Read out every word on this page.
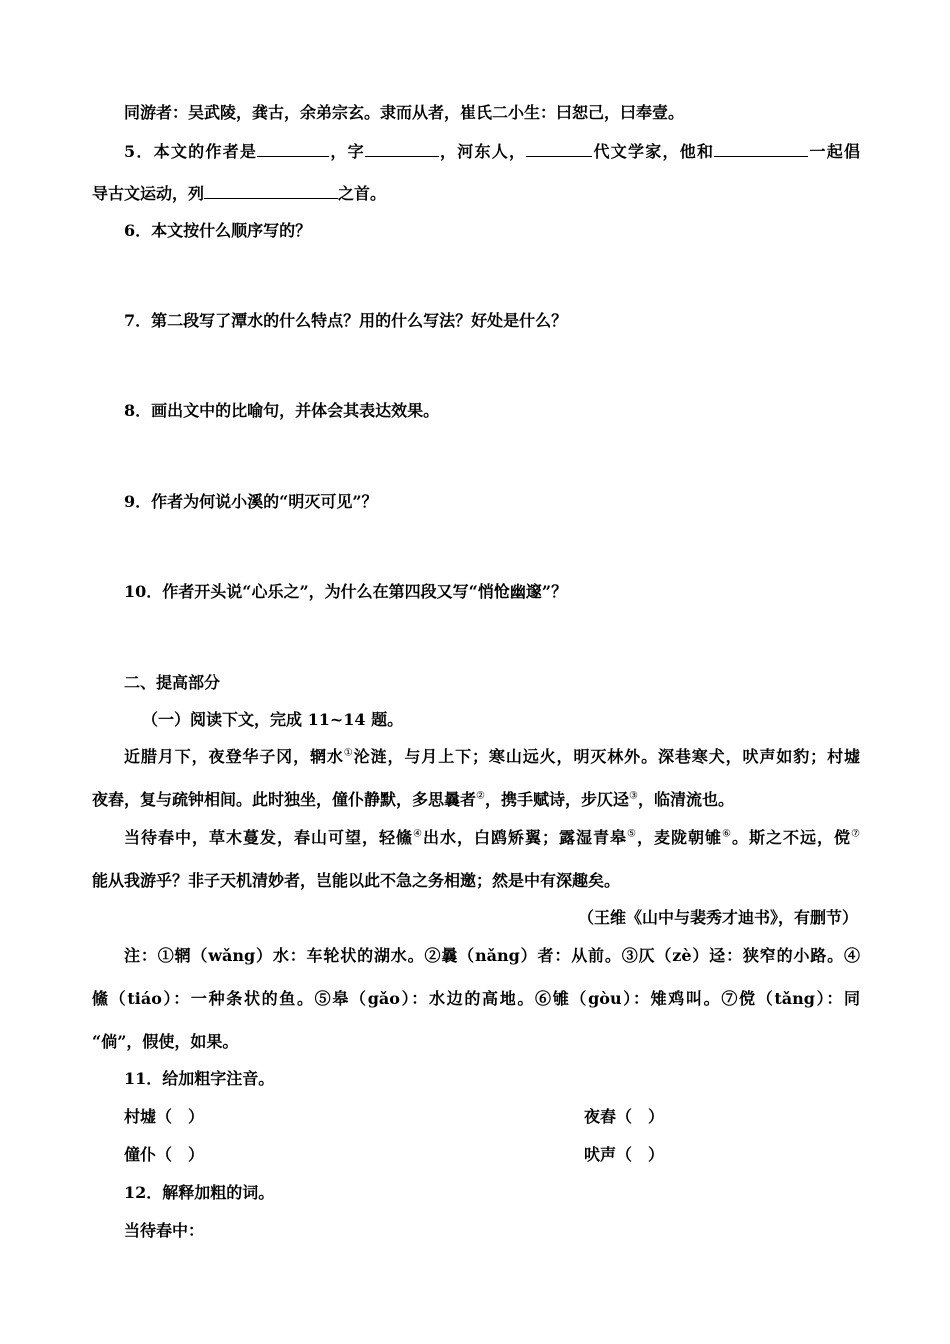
同游者：吴武陵，龚古，余弟宗玄。隶而从者，崔氏二小生：曰恕己，曰奉壹。
5．本文的作者是	，字	，河东人，	代文学家，他和	一起倡
导古文运动，列	之首。
6．本文按什么顺序写的？
7．第二段写了潭水的什么特点？用的什么写法？好处是什么？
8．画出文中的比喻句，并体会其表达效果。
9．作者为何说小溪的“明灭可见”？
10．作者开头说“心乐之”，为什么在第四段又写“悄怆幽邃”？
二、提高部分
（一）阅读下文，完成 11~14 题。
近腊月下，夜登华子冈，辋水①沦涟，与月上下；寒山远火，明灭林外。深巷寒犬，吠声如豹；村墟
夜舂，复与疏钟相间。此时独坐，僮仆静默，多思曩者②，携手赋诗，步仄迳③，临清流也。
当待春中，草木蔓发，春山可望，轻鯈④出水，白鸥矫翼；露湿青皋⑤，麦陇朝雊⑥。斯之不远，傥⑦
能从我游乎？非子天机清妙者，岂能以此不急之务相邀；然是中有深趣矣。
（王维《山中与裴秀才迪书》，有删节）
注：①辋（wǎng）水：车轮状的湖水。②曩（nǎng）者：从前。③仄（zè）迳：狭窄的小路。④
鯈（tiáo）：一种条状的鱼。⑤皋（gǎo）：水边的高地。⑥雊（gòu）：雉鸡叫。⑦傥（tǎng）：同
“倘”，假使，如果。
11．给加粗字注音。
村墟（　）	夜舂（　）
僮仆（　）	吠声（　）
12．解释加粗的词。
当待春中：
